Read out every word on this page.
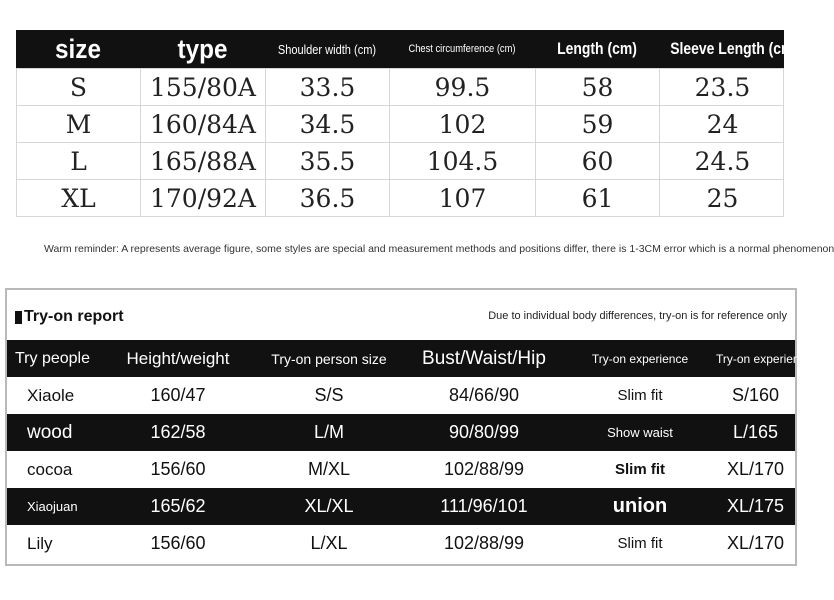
size	type	Shoulder width (cm)	Chest circumference (cm)	Length (cm)	Sleeve Length (cm)
S	155/80A	33.5	99.5	58	23.5
M	160/84A	34.5	102	59	24
L	165/88A	35.5	104.5	60	24.5
XL	170/92A	36.5	107	61	25
Warm reminder: A represents average figure, some styles are special and measurement methods and positions differ, there is 1-3CM error which is a normal phenomenon
Try-on report	Due to individual body differences, try-on is for reference only
Try people	Height/weight	Try-on person size	Bust/Waist/Hip	Try-on experience	Try-on experience
Xiaole	160/47	S/S	84/66/90	Slim fit	S/160
wood	162/58	L/M	90/80/99	Show waist	L/165
cocoa	156/60	M/XL	102/88/99	Slim fit	XL/170
Xiaojuan	165/62	XL/XL	111/96/101	union	XL/175
Lily	156/60	L/XL	102/88/99	Slim fit	XL/170
